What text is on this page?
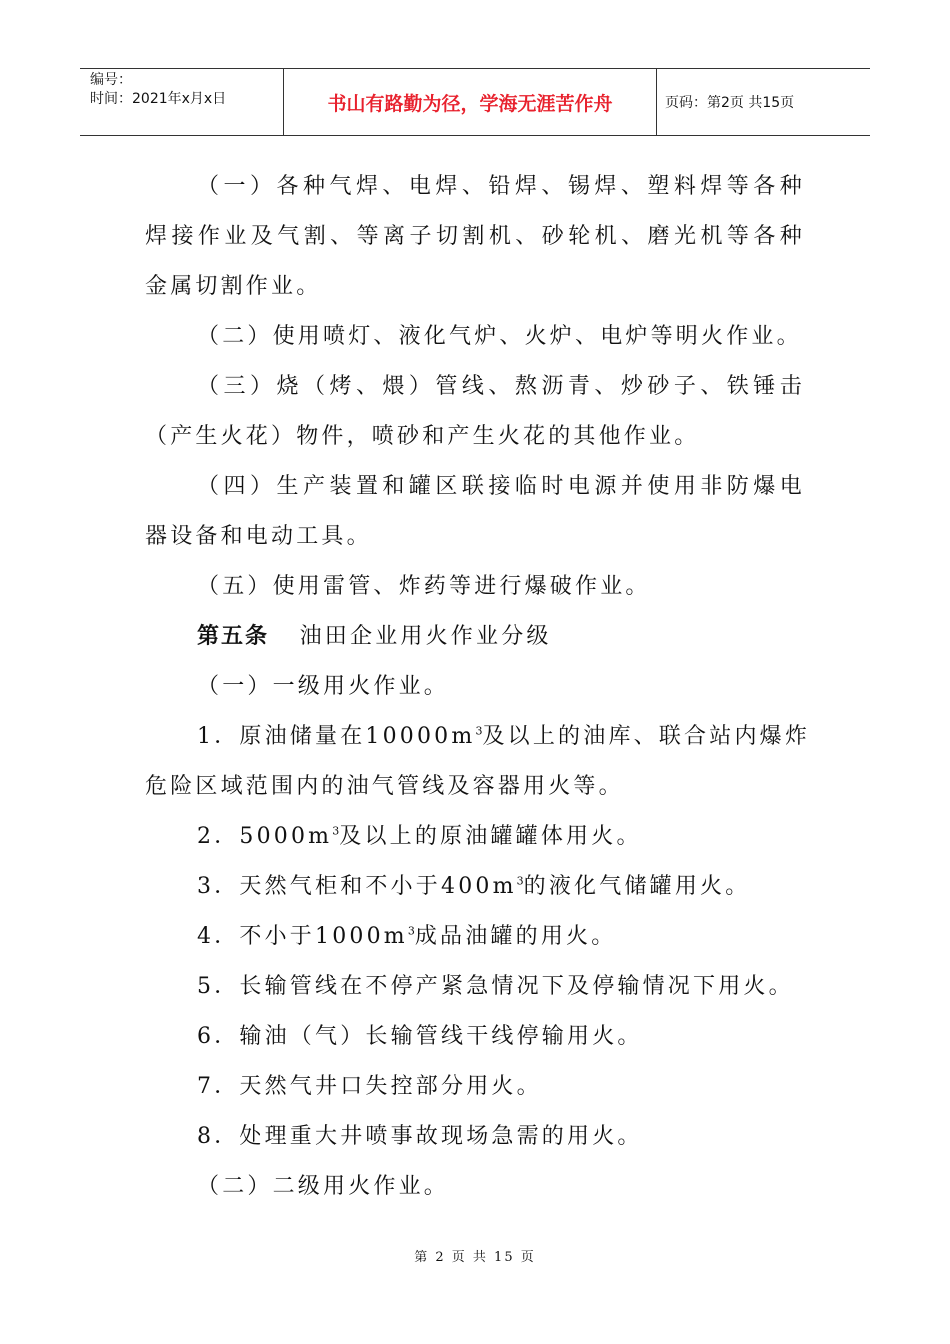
编号：
时间：2021年x月x日	书山有路勤为径，学海无涯苦作舟	页码：第2页 共15页
（一）各种气焊、电焊、铅焊、锡焊、塑料焊等各种
焊接作业及气割、等离子切割机、砂轮机、磨光机等各种
金属切割作业。
（二）使用喷灯、液化气炉、火炉、电炉等明火作业。
（三）烧（烤、煨）管线、熬沥青、炒砂子、铁锤击
（产生火花）物件，喷砂和产生火花的其他作业。
（四）生产装置和罐区联接临时电源并使用非防爆电
器设备和电动工具。
（五）使用雷管、炸药等进行爆破作业。
第五条 油田企业用火作业分级
（一）一级用火作业。
1．原油储量在$10000m^3$及以上的油库、联合站内爆炸
危险区域范围内的油气管线及容器用火等。
2．$5000m^3$及以上的原油罐罐体用火。
3．天然气柜和不小于$400m^3$的液化气储罐用火。
4．不小于$1000m^3$成品油罐的用火。
5．长输管线在不停产紧急情况下及停输情况下用火。
6．输油（气）长输管线干线停输用火。
7．天然气井口失控部分用火。
8．处理重大井喷事故现场急需的用火。
（二）二级用火作业。
第 2 页 共 15 页
